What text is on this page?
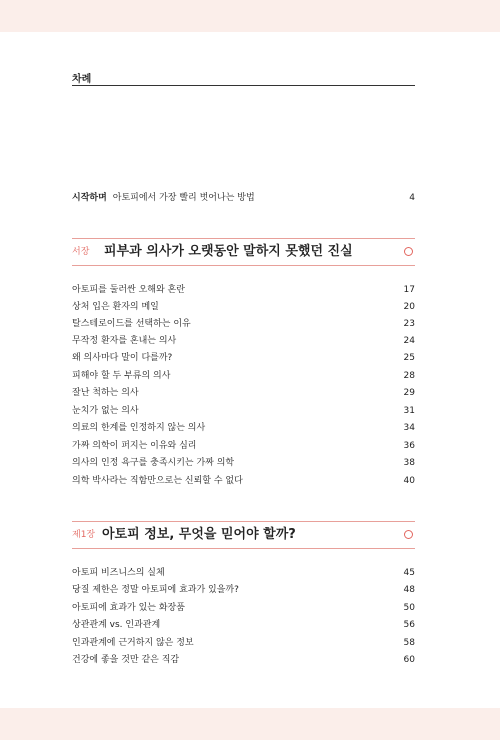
차례
시작하며 아토피에서 가장 빨리 벗어나는 방법	4
서장 피부과 의사가 오랫동안 말하지 못했던 진실
아토피를 둘러싼 오해와 혼란	17
상처 입은 환자의 메일	20
탈스테로이드를 선택하는 이유	23
무작정 환자를 혼내는 의사	24
왜 의사마다 말이 다를까?	25
피해야 할 두 부류의 의사	28
잘난 척하는 의사	29
눈치가 없는 의사	31
의료의 한계를 인정하지 않는 의사	34
가짜 의학이 퍼지는 이유와 심리	36
의사의 인정 욕구를 충족시키는 가짜 의학	38
의학 박사라는 직함만으로는 신뢰할 수 없다	40
제1장 아토피 정보, 무엇을 믿어야 할까?
아토피 비즈니스의 실체	45
당질 제한은 정말 아토피에 효과가 있을까?	48
아토피에 효과가 있는 화장품	50
상관관계 vs. 인과관계	56
인과관계에 근거하지 않은 정보	58
건강에 좋을 것만 같은 직감	60
